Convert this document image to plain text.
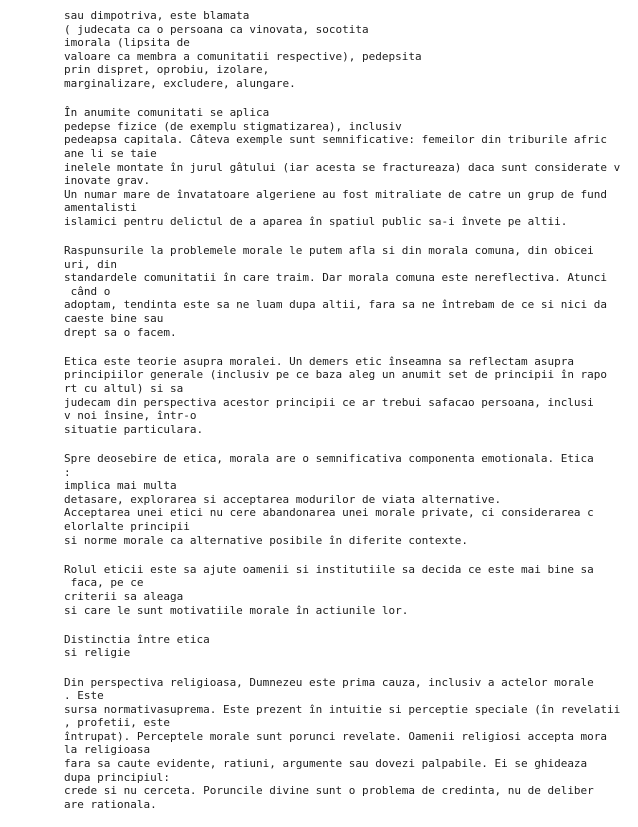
sau dimpotriva, este blamata
( judecata ca o persoana ca vinovata, socotita
imorala (lipsita de
valoare ca membra a comunitatii respective), pedepsita
prin dispret, oprobiu, izolare,
marginalizare, excludere, alungare.
În anumite comunitati se aplica
pedepse fizice (de exemplu stigmatizarea), inclusiv
pedeapsa capitala. Câteva exemple sunt semnificative: femeilor din triburile afric
ane li se taie
inelele montate în jurul gâtului (iar acesta se fractureaza) daca sunt considerate v
inovate grav.
Un numar mare de învatatoare algeriene au fost mitraliate de catre un grup de fund
amentalisti
islamici pentru delictul de a aparea în spatiul public sa-i învete pe altii.
Raspunsurile la problemele morale le putem afla si din morala comuna, din obicei
uri, din
standardele comunitatii în care traim. Dar morala comuna este nereflectiva. Atunci
când o
adoptam, tendinta este sa ne luam dupa altii, fara sa ne întrebam de ce si nici da
caeste bine sau
drept sa o facem.
Etica este teorie asupra moralei. Un demers etic înseamna sa reflectam asupra
principiilor generale (inclusiv pe ce baza aleg un anumit set de principii în rapo
rt cu altul) si sa
judecam din perspectiva acestor principii ce ar trebui safacao persoana, inclusi
v noi însine, într-o
situatie particulara.
Spre deosebire de etica, morala are o semnificativa componenta emotionala. Etica
:
implica mai multa
detasare, explorarea si acceptarea modurilor de viata alternative.
Acceptarea unei etici nu cere abandonarea unei morale private, ci considerarea c
elorlalte principii
si norme morale ca alternative posibile în diferite contexte.
Rolul eticii este sa ajute oamenii si institutiile sa decida ce este mai bine sa
faca, pe ce
criterii sa aleaga
si care le sunt motivatiile morale în actiunile lor.
Distinctia între etica
si religie
Din perspectiva religioasa, Dumnezeu este prima cauza, inclusiv a actelor morale
. Este
sursa normativasuprema. Este prezent în intuitie si perceptie speciale (în revelatii
, profetii, este
întrupat). Perceptele morale sunt porunci revelate. Oamenii religiosi accepta mora
la religioasa
fara sa caute evidente, ratiuni, argumente sau dovezi palpabile. Ei se ghideaza
dupa principiul:
crede si nu cerceta. Poruncile divine sunt o problema de credinta, nu de deliber
are rationala.
